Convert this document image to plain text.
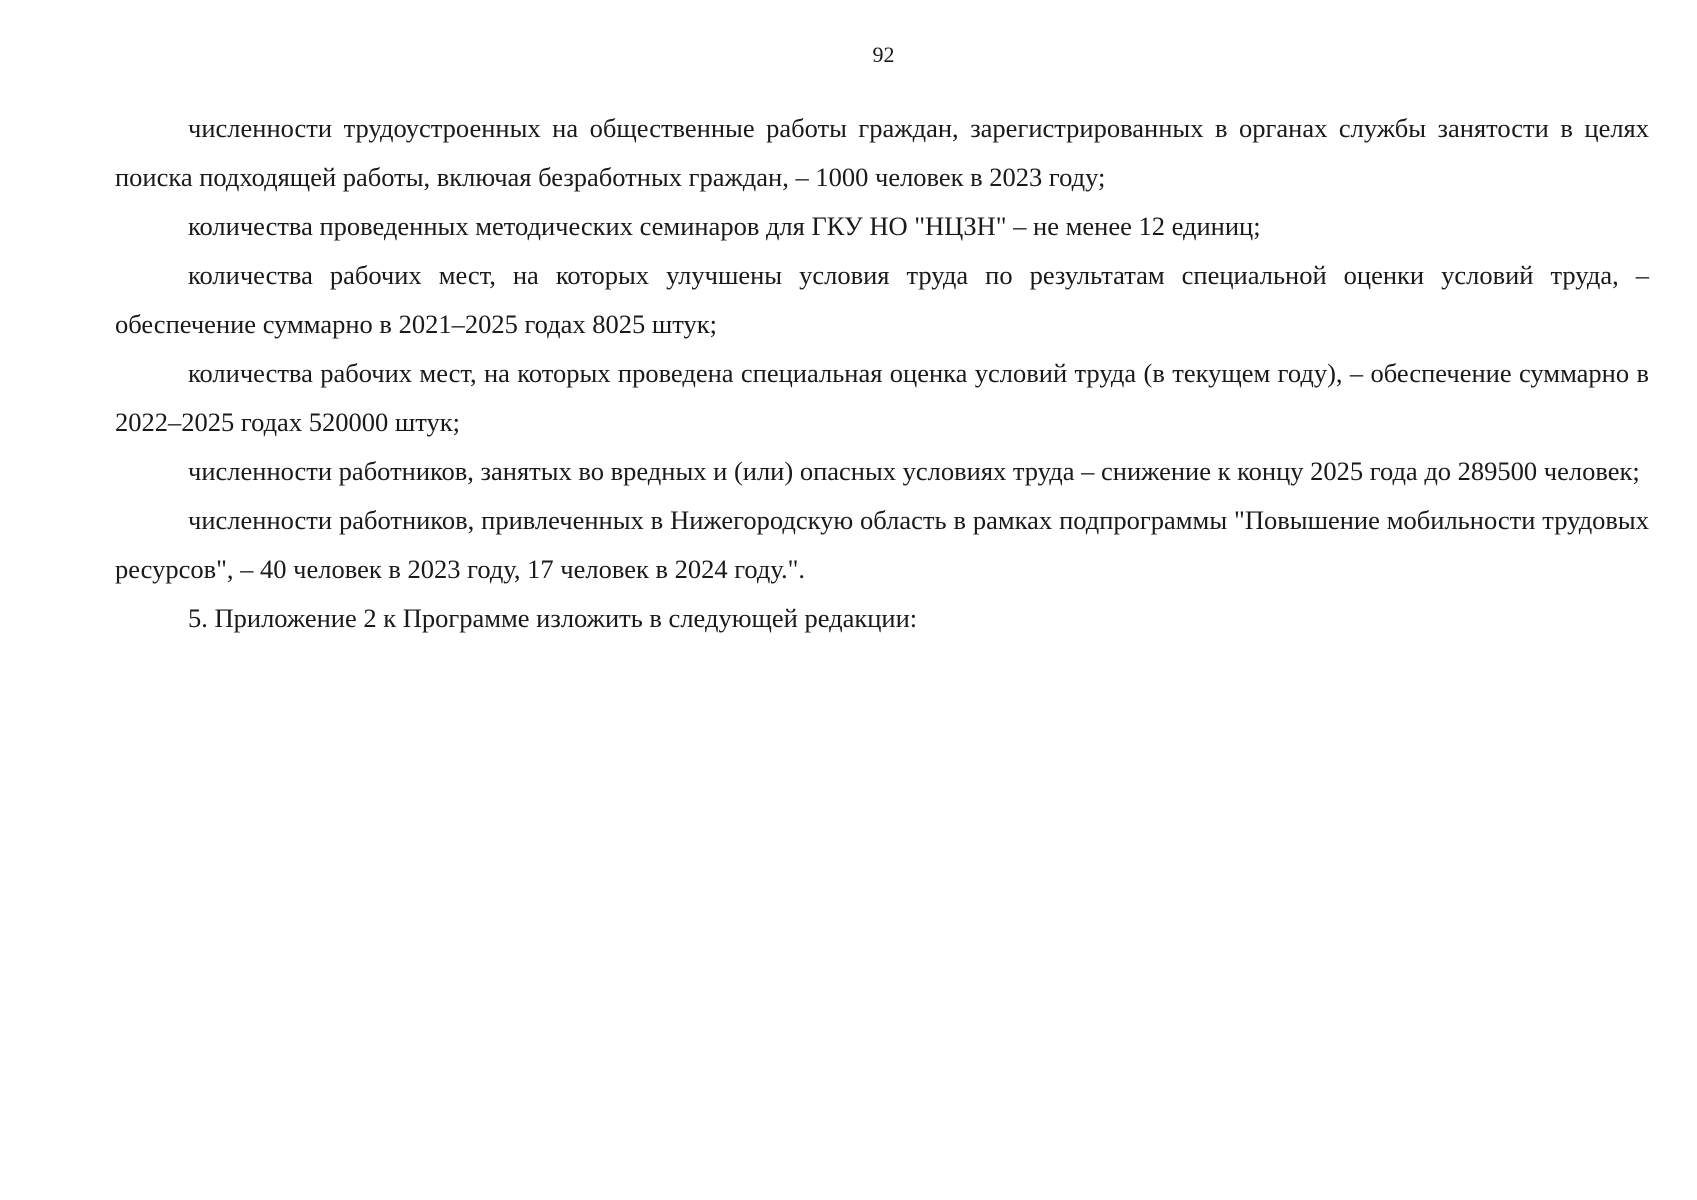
92

численности трудоустроенных на общественные работы граждан, зарегистрированных в органах службы занятости в целях поиска подходящей работы, включая безработных граждан, – 1000 человек в 2023 году;

количества проведенных методических семинаров для ГКУ НО "НЦЗН" – не менее 12 единиц;

количества рабочих мест, на которых улучшены условия труда по результатам специальной оценки условий труда, – обеспечение суммарно в 2021–2025 годах 8025 штук;

количества рабочих мест, на которых проведена специальная оценка условий труда (в текущем году), – обеспечение суммарно в 2022–2025 годах 520000 штук;

численности работников, занятых во вредных и (или) опасных условиях труда – снижение к концу 2025 года до 289500 человек;

численности работников, привлеченных в Нижегородскую область в рамках подпрограммы "Повышение мобильности трудовых ресурсов", – 40 человек в 2023 году, 17 человек в 2024 году.".

5. Приложение 2 к Программе изложить в следующей редакции:
